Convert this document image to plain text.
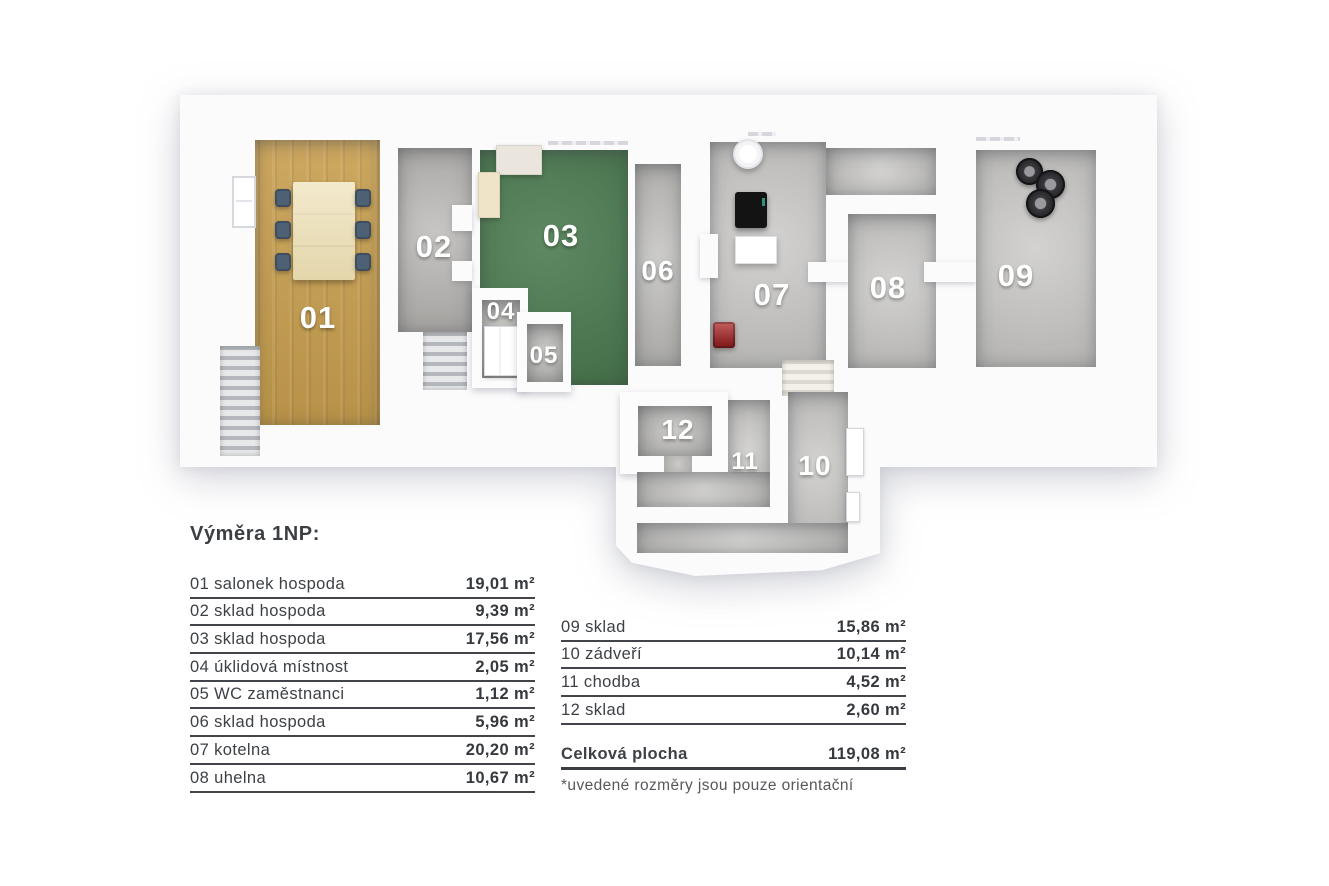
01
02	03
04
05
06
07	08	09
10
11
12
Výměra 1NP:
01 salonek hospoda	19,01 m²
02 sklad hospoda	9,39 m²
03 sklad hospoda	17,56 m²
04 úklidová místnost	2,05 m²
05 WC zaměstnanci	1,12 m²
06 sklad hospoda	5,96 m²
07 kotelna	20,20 m²
08 uhelna	10,67 m²
09 sklad	15,86 m²
10 zádveří	10,14 m²
11 chodba	4,52 m²
12 sklad	2,60 m²
Celková plocha	119,08 m²
*uvedené rozměry jsou pouze orientační
